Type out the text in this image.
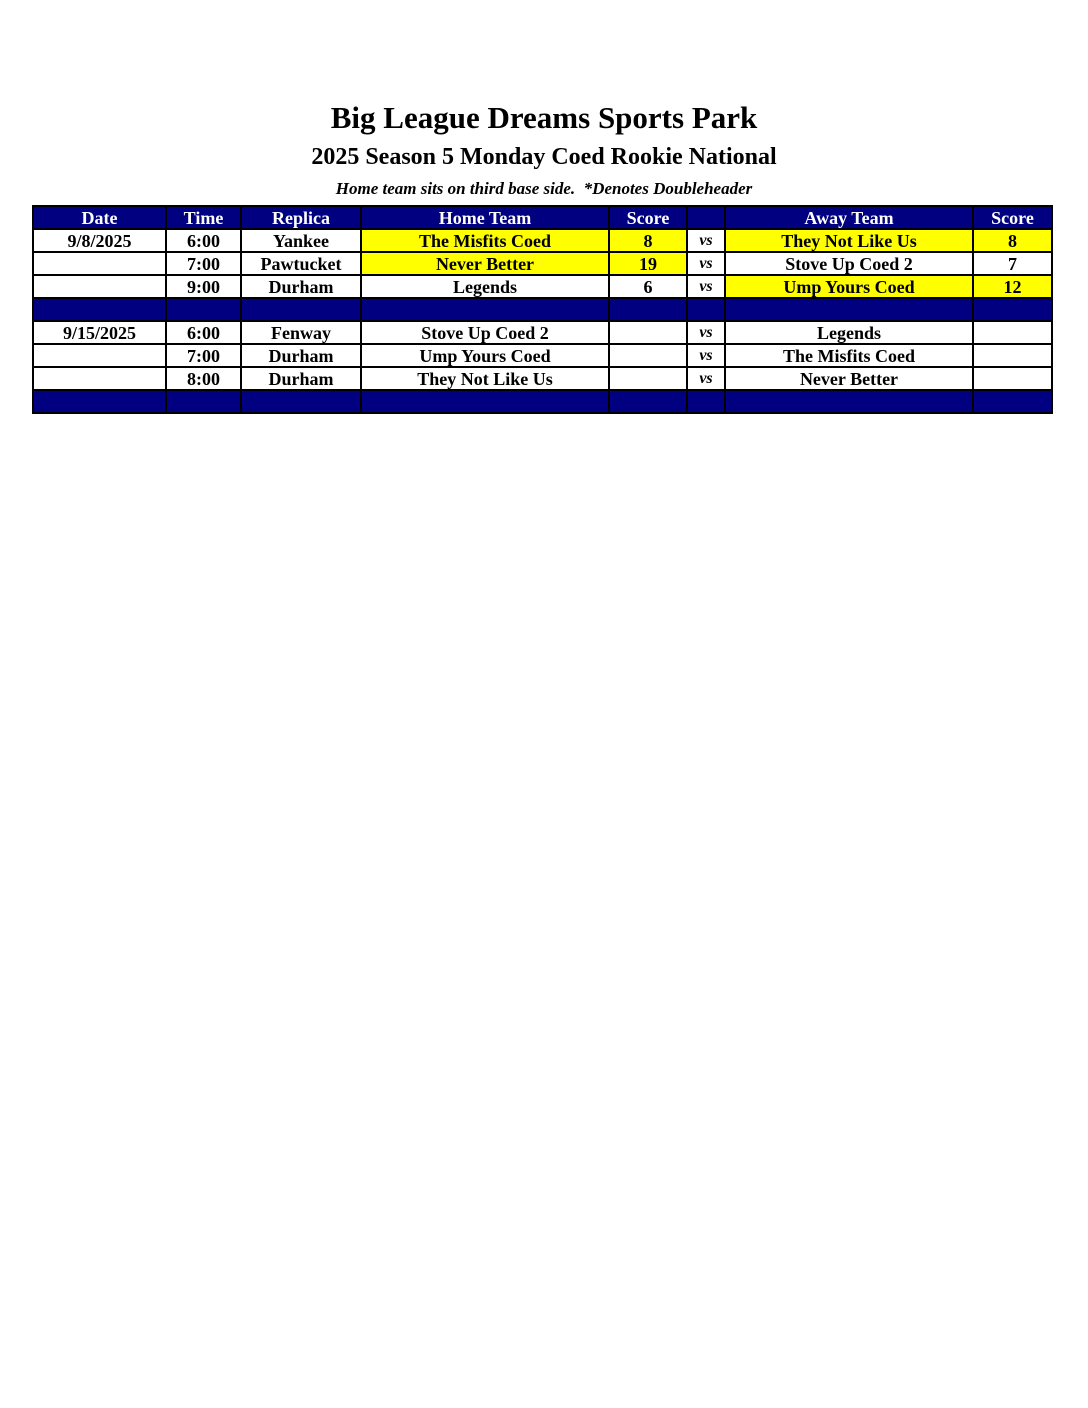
Big League Dreams Sports Park
2025 Season 5 Monday Coed Rookie National
Home team sits on third base side.  *Denotes Doubleheader
Date	Time	Replica	Home Team	Score		Away Team	Score
9/8/2025	6:00	Yankee	The Misfits Coed	8	vs	They Not Like Us	8
	7:00	Pawtucket	Never Better	19	vs	Stove Up Coed 2	7
	9:00	Durham	Legends	6	vs	Ump Yours Coed	12

9/15/2025	6:00	Fenway	Stove Up Coed 2		vs	Legends	
	7:00	Durham	Ump Yours Coed		vs	The Misfits Coed	
	8:00	Durham	They Not Like Us		vs	Never Better	
